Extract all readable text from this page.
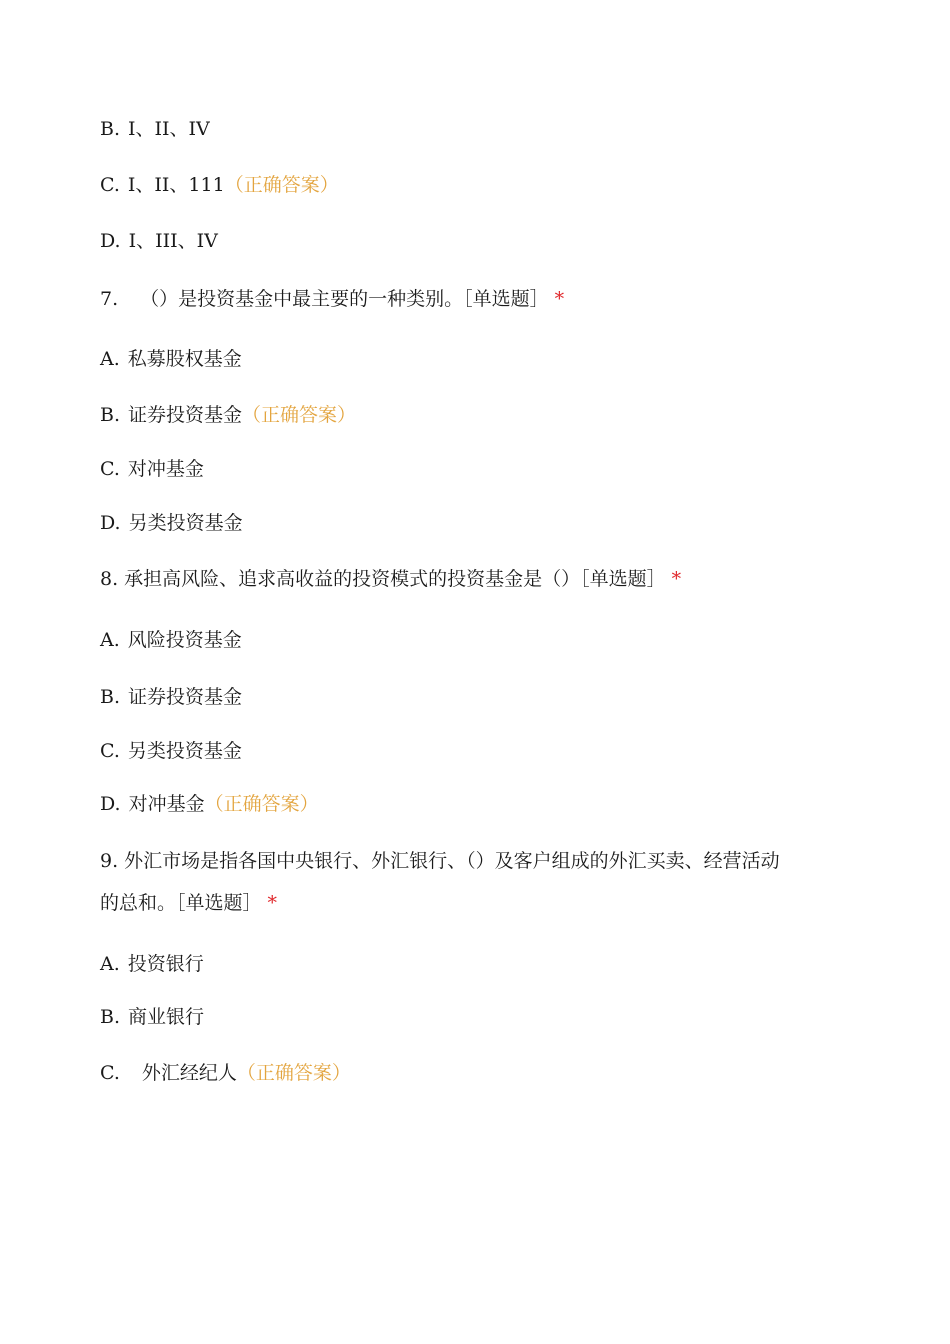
B. I、II、IV
C. I、II、111（正确答案）
D. I、III、IV
7. （）是投资基金中最主要的一种类别。［单选题］ *
A. 私募股权基金
B. 证券投资基金（正确答案）
C. 对冲基金
D. 另类投资基金
8. 承担高风险、追求高收益的投资模式的投资基金是（）［单选题］ *
A. 风险投资基金
B. 证券投资基金
C. 另类投资基金
D. 对冲基金（正确答案）
9. 外汇市场是指各国中央银行、外汇银行、（）及客户组成的外汇买卖、经营活动
的总和。［单选题］ *
A. 投资银行
B. 商业银行
C. 外汇经纪人（正确答案）
